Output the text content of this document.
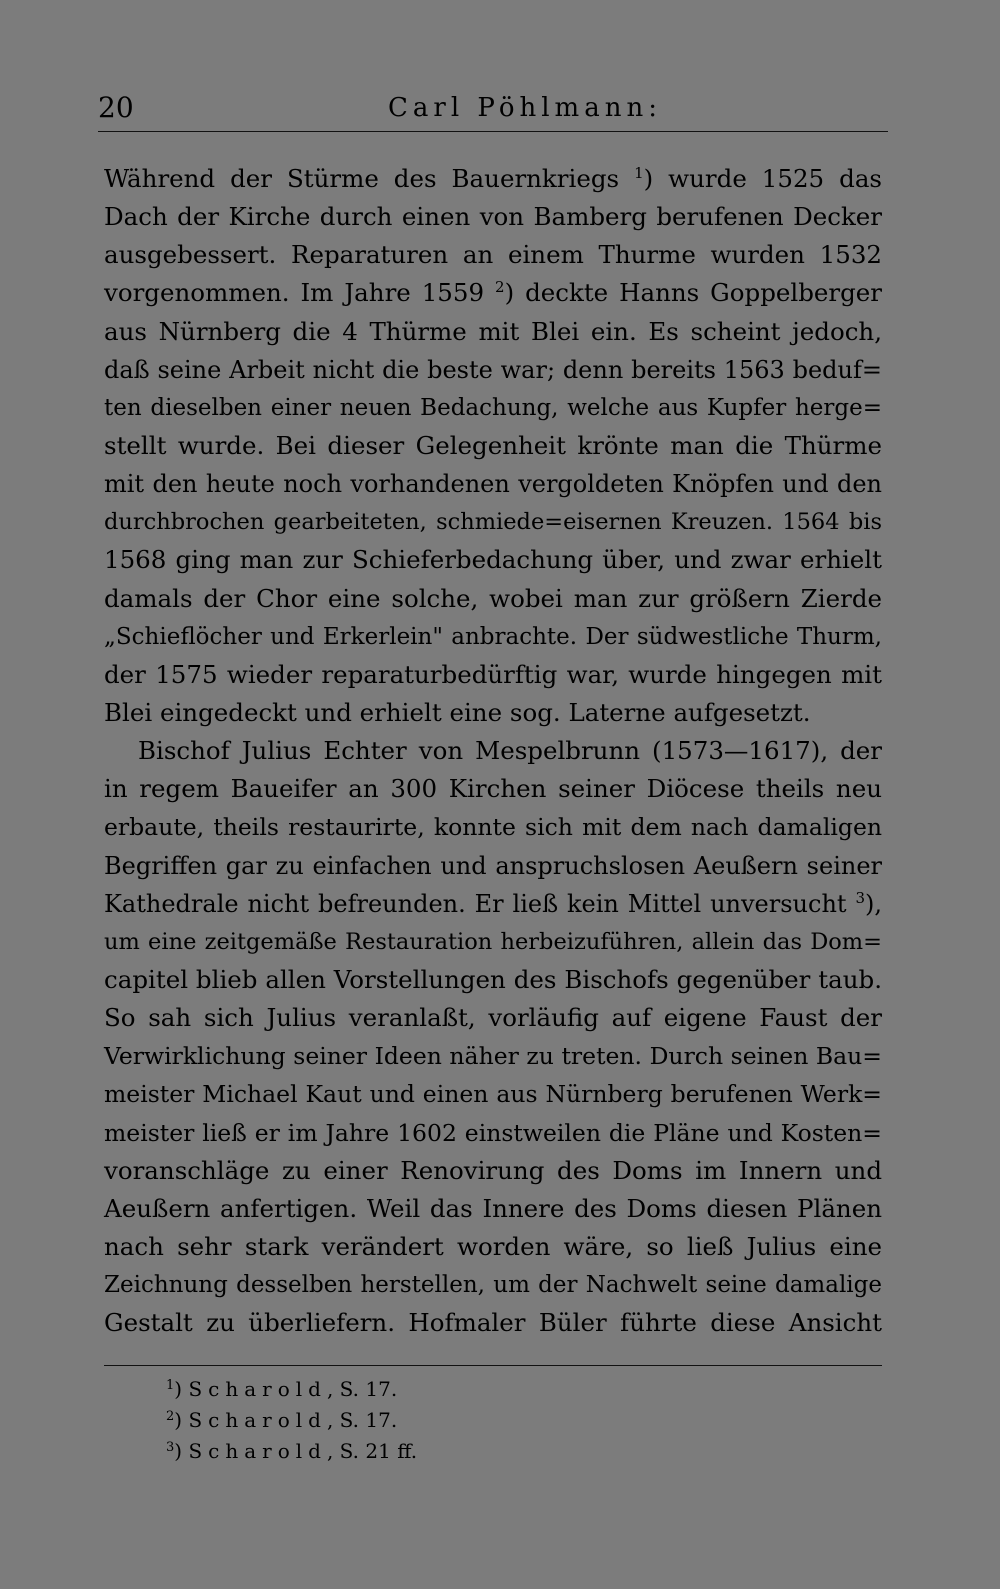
20	Carl Pöhlmann:
Während der Stürme des Bauernkriegs $^1$) wurde 1525 das
Dach der Kirche durch einen von Bamberg berufenen Decker
ausgebessert. Reparaturen an einem Thurme wurden 1532
vorgenommen. Im Jahre 1559 $^2$) deckte Hanns Goppelberger
aus Nürnberg die 4 Thürme mit Blei ein. Es scheint jedoch,
daß seine Arbeit nicht die beste war; denn bereits 1563 beduf=
ten dieselben einer neuen Bedachung, welche aus Kupfer herge=
stellt wurde. Bei dieser Gelegenheit krönte man die Thürme
mit den heute noch vorhandenen vergoldeten Knöpfen und den
durchbrochen gearbeiteten, schmiede=eisernen Kreuzen. 1564 bis
1568 ging man zur Schieferbedachung über, und zwar erhielt
damals der Chor eine solche, wobei man zur größern Zierde
„Schieflöcher und Erkerlein" anbrachte. Der südwestliche Thurm,
der 1575 wieder reparaturbedürftig war, wurde hingegen mit
Blei eingedeckt und erhielt eine sog. Laterne aufgesetzt.
Bischof Julius Echter von Mespelbrunn (1573—1617), der
in regem Baueifer an 300 Kirchen seiner Diöcese theils neu
erbaute, theils restaurirte, konnte sich mit dem nach damaligen
Begriffen gar zu einfachen und anspruchslosen Aeußern seiner
Kathedrale nicht befreunden. Er ließ kein Mittel unversucht $^3$),
um eine zeitgemäße Restauration herbeizuführen, allein das Dom=
capitel blieb allen Vorstellungen des Bischofs gegenüber taub.
So sah sich Julius veranlaßt, vorläufig auf eigene Faust der
Verwirklichung seiner Ideen näher zu treten. Durch seinen Bau=
meister Michael Kaut und einen aus Nürnberg berufenen Werk=
meister ließ er im Jahre 1602 einstweilen die Pläne und Kosten=
voranschläge zu einer Renovirung des Doms im Innern und
Aeußern anfertigen. Weil das Innere des Doms diesen Plänen
nach sehr stark verändert worden wäre, so ließ Julius eine
Zeichnung desselben herstellen, um der Nachwelt seine damalige
Gestalt zu überliefern. Hofmaler Büler führte diese Ansicht
$^1$) Scharold, S. 17.
$^2$) Scharold, S. 17.
$^3$) Scharold, S. 21 ff.
